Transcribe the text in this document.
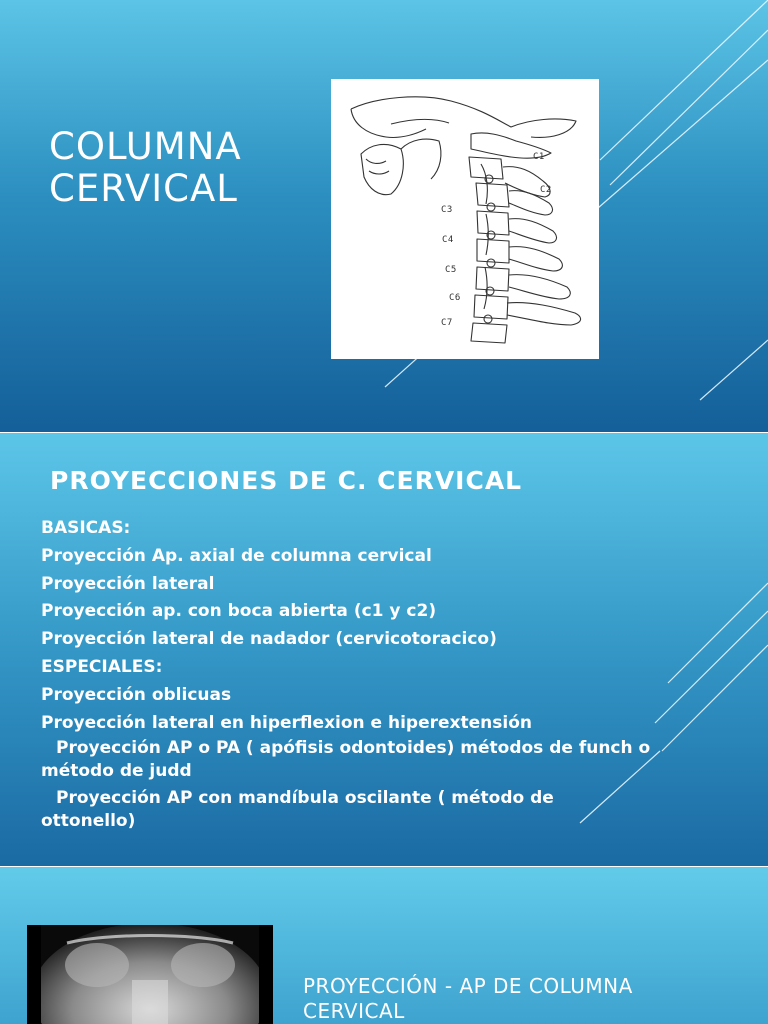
COLUMNA
CERVICAL
C1
C2
C3
C4
C5
C6
C7
PROYECCIONES DE C. CERVICAL
BASICAS:
Proyección Ap. axial de columna cervical
Proyección lateral
Proyección ap. con boca abierta (c1 y c2)
Proyección lateral de nadador (cervicotoracico)
ESPECIALES:
Proyección oblicuas
Proyección lateral en hiperflexion e hiperextensión
Proyección AP o PA ( apófisis odontoides) métodos de funch o método de judd
Proyección AP con mandíbula oscilante ( método de ottonello)
PROYECCIÓN - AP DE COLUMNA CERVICAL
